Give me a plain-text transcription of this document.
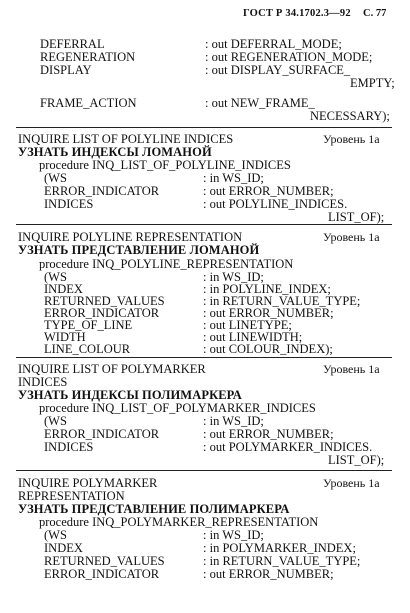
ГОСТ Р 34.1702.3—92 С. 77
DEFERRAL	: out DEFERRAL_MODE;
REGENERATION	: out REGENERATION_MODE;
DISPLAY	: out DISPLAY_SURFACE_
EMPTY;
FRAME_ACTION	: out NEW_FRAME_
NECESSARY);
INQUIRE LIST OF POLYLINE INDICES	Уровень 1a
УЗНАТЬ ИНДЕКСЫ ЛОМАНОЙ
procedure INQ_LIST_OF_POLYLINE_INDICES
(WS	: in WS_ID;
ERROR_INDICATOR	: out ERROR_NUMBER;
INDICES	: out POLYLINE_INDICES.
LIST_OF);
INQUIRE POLYLINE REPRESENTATION	Уровень 1a
УЗНАТЬ ПРЕДСТАВЛЕНИЕ ЛОМАНОЙ
procedure INQ_POLYLINE_REPRESENTATION
(WS	: in WS_ID;
INDEX	: in POLYLINE_INDEX;
RETURNED_VALUES	: in RETURN_VALUE_TYPE;
ERROR_INDICATOR	: out ERROR_NUMBER;
TYPE_OF_LINE	: out LINETYPE;
WIDTH	: out LINEWIDTH;
LINE_COLOUR	: out COLOUR_INDEX);
INQUIRE LIST OF POLYMARKER	Уровень 1a
INDICES
УЗНАТЬ ИНДЕКСЫ ПОЛИМАРКЕРА
procedure INQ_LIST_OF_POLYMARKER_INDICES
(WS	: in WS_ID;
ERROR_INDICATOR	: out ERROR_NUMBER;
INDICES	: out POLYMARKER_INDICES.
LIST_OF);
INQUIRE POLYMARKER	Уровень 1a
REPRESENTATION
УЗНАТЬ ПРЕДСТАВЛЕНИЕ ПОЛИМАРКЕРА
procedure INQ_POLYMARKER_REPRESENTATION
(WS	: in WS_ID;
INDEX	: in POLYMARKER_INDEX;
RETURNED_VALUES	: in RETURN_VALUE_TYPE;
ERROR_INDICATOR	: out ERROR_NUMBER;
